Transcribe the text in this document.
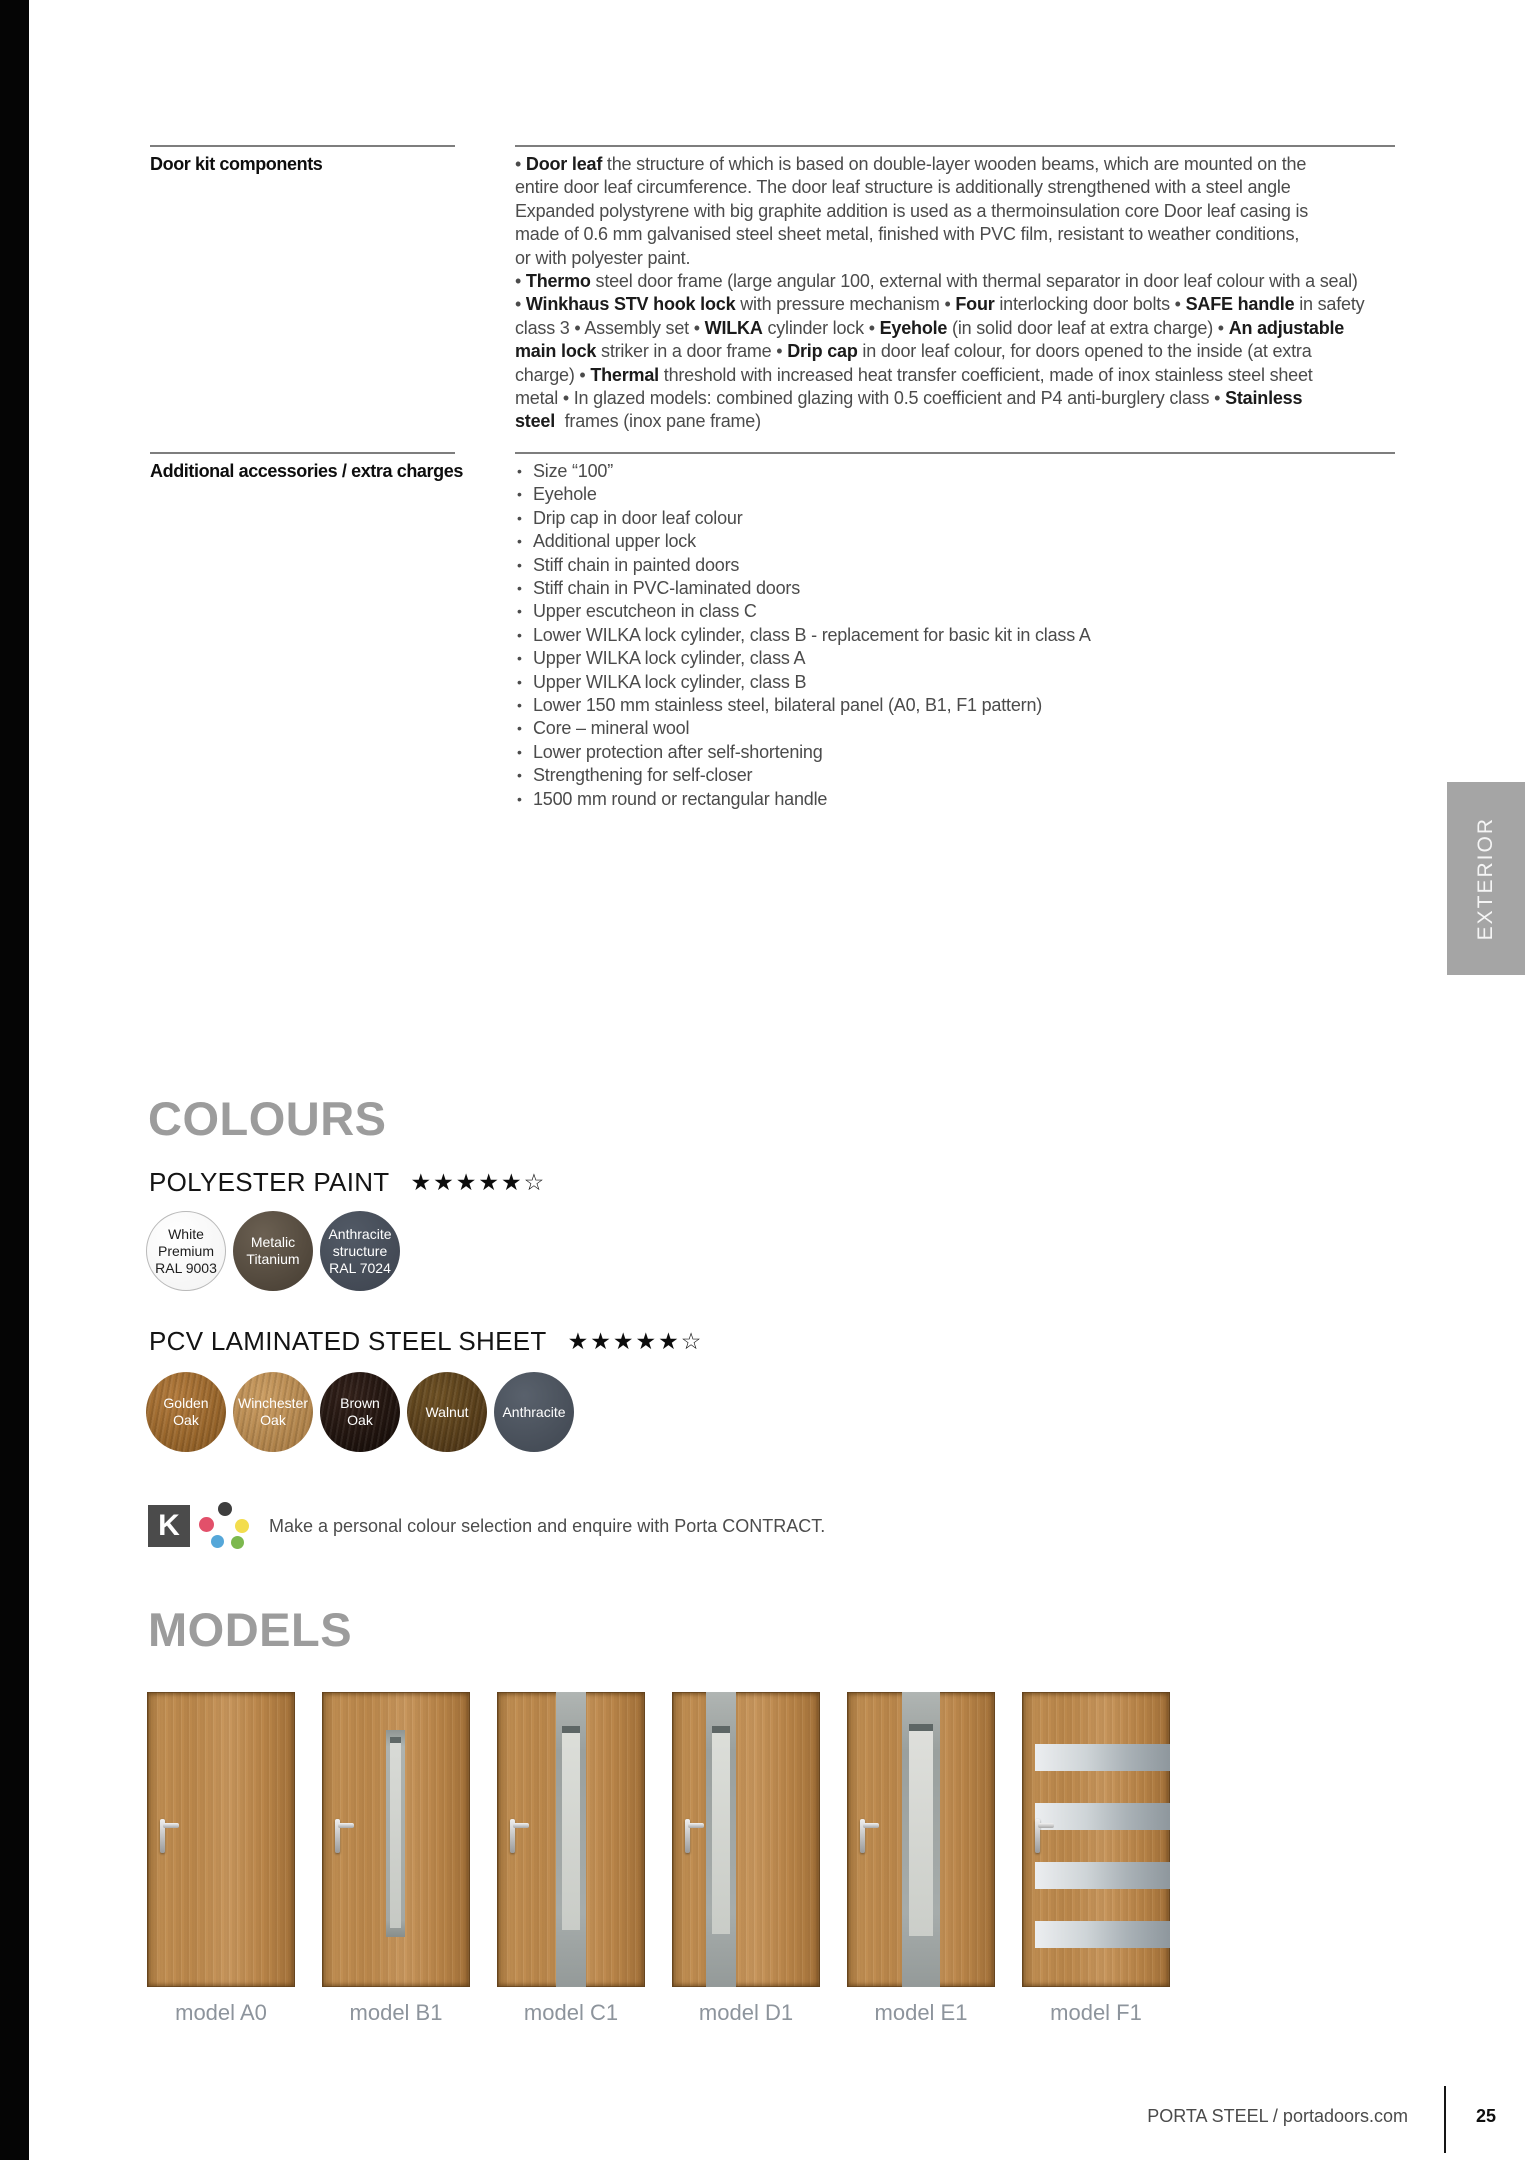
EXTERIOR
Door kit components	• Door leaf the structure of which is based on double-layer wooden beams, which are mounted on the
entire door leaf circumference. The door leaf structure is additionally strengthened with a steel angle
Expanded polystyrene with big graphite addition is used as a thermoinsulation core Door leaf casing is
made of 0.6 mm galvanised steel sheet metal, finished with PVC film, resistant to weather conditions,
or with polyester paint.
• Thermo steel door frame (large angular 100, external with thermal separator in door leaf colour with a seal)
• Winkhaus STV hook lock with pressure mechanism • Four interlocking door bolts • SAFE handle in safety
class 3 • Assembly set • WILKA cylinder lock • Eyehole (in solid door leaf at extra charge) • An adjustable
main lock striker in a door frame • Drip cap in door leaf colour, for doors opened to the inside (at extra
charge) • Thermal threshold with increased heat transfer coefficient, made of inox stainless steel sheet
metal • In glazed models: combined glazing with 0.5 coefficient and P4 anti-burglery class • Stainless
steel  frames (inox pane frame)
Additional accessories / extra charges	• Size “100”
• Eyehole
• Drip cap in door leaf colour
• Additional upper lock
• Stiff chain in painted doors
• Stiff chain in PVC-laminated doors
• Upper escutcheon in class C
• Lower WILKA lock cylinder, class B - replacement for basic kit in class A
• Upper WILKA lock cylinder, class A
• Upper WILKA lock cylinder, class B
• Lower 150 mm stainless steel, bilateral panel (A0, B1, F1 pattern)
• Core – mineral wool
• Lower protection after self-shortening
• Strengthening for self-closer
• 1500 mm round or rectangular handle
COLOURS
POLYESTER PAINT ★★★★★☆
White
Premium
RAL 9003
Metalic
Titanium
Anthracite
structure
RAL 7024
PCV LAMINATED STEEL SHEET ★★★★★☆
Golden
Oak
Winchester
Oak
Brown
Oak
Walnut Anthracite
K	Make a personal colour selection and enquire with Porta CONTRACT.
MODELS
model A0	model B1	model C1	model D1	model E1	model F1
PORTA STEEL / portadoors.com	25
